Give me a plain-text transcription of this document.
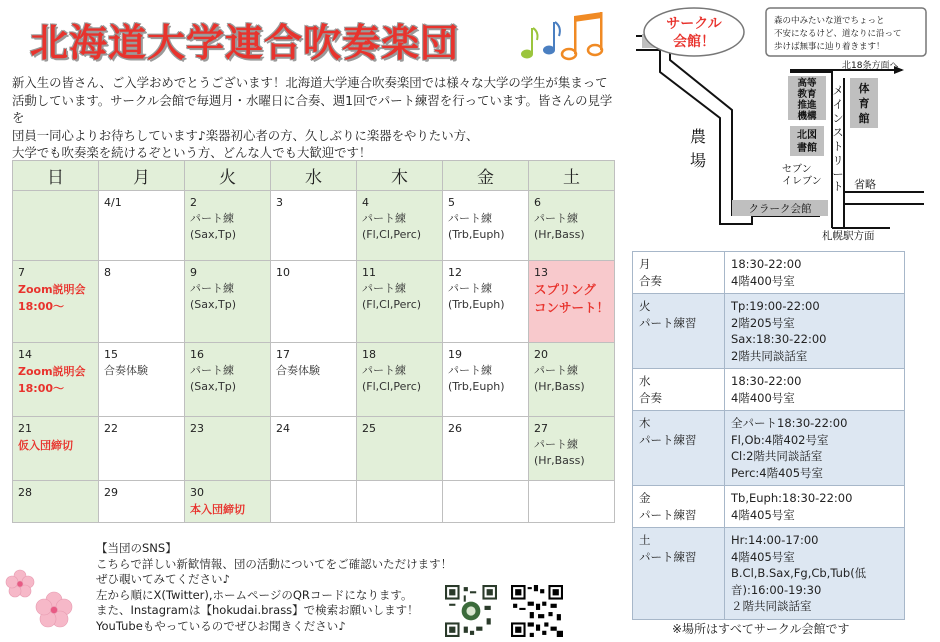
北海道大学連合吹奏楽団
新入生の皆さん、ご入学おめでとうございます！北海道大学連合吹奏楽団では様々な大学の学生が集まって
活動しています。サークル会館で毎週月・水曜日に合奏、週1回でパート練習を行っています。皆さんの見学を
団員一同心よりお待ちしています♪楽器初心者の方、久しぶりに楽器をやりたい方、
大学でも吹奏楽を続けるぞという方、どんな人でも大歓迎です！
日	月	火	水	木	金	土

	4/1	2
パート練
(Sax,Tp)	3	4
パート練
(Fl,Cl,Perc)	5
パート練
(Trb,Euph)	6
パート練
(Hr,Bass)

7
Zoom説明会
18:00～	8	9
パート練
(Sax,Tp)	10	11
パート練
(Fl,Cl,Perc)	12
パート練
(Trb,Euph)	13
スプリング
コンサート！

14
Zoom説明会
18:00～	15
合奏体験	16
パート練
(Sax,Tp)	17
合奏体験	18
パート練
(Fl,Cl,Perc)	19
パート練
(Trb,Euph)	20
パート練
(Hr,Bass)

21
仮入団締切	22	23	24	25	26	27
パート練
(Hr,Bass)

28	29	30
本入団締切				

北18条方面へ
サークル
会館！
森の中みたいな道でちょっと
不安になるけど、道なりに沿って
歩けば無事に辿り着きます！
高等
教育
推進
機構
体
育
館
北図
書館
農
場
メ
イ
ン
ス
ト
リ
ー
ト
セブン
イレブン	省略
クラーク会館
札幌駅方面
月
合奏	18:30-22:00
4階400号室

火
パート練習	Tp:19:00-22:00
2階205号室
Sax:18:30-22:00
2階共同談話室

水
合奏	18:30-22:00
4階400号室

木
パート練習	全パート18:30-22:00
Fl,Ob:4階402号室
Cl:2階共同談話室
Perc:4階405号室

金
パート練習	Tb,Euph:18:30-22:00
4階405号室

土
パート練習	Hr:14:00-17:00
4階405号室
B.Cl,B.Sax,Fg,Cb,Tub(低
音):16:00-19:30
２階共同談話室
※場所はすべてサークル会館です
【当団のSNS】
こちらで詳しい新歓情報、団の活動についてをご確認いただけます！
ぜひ覗いてみてください♪
左から順にX(Twitter),ホームページのQRコードになります。
また、Instagramは【hokudai.brass】で検索お願いします！
YouTubeもやっているのでぜひお聞きください♪
